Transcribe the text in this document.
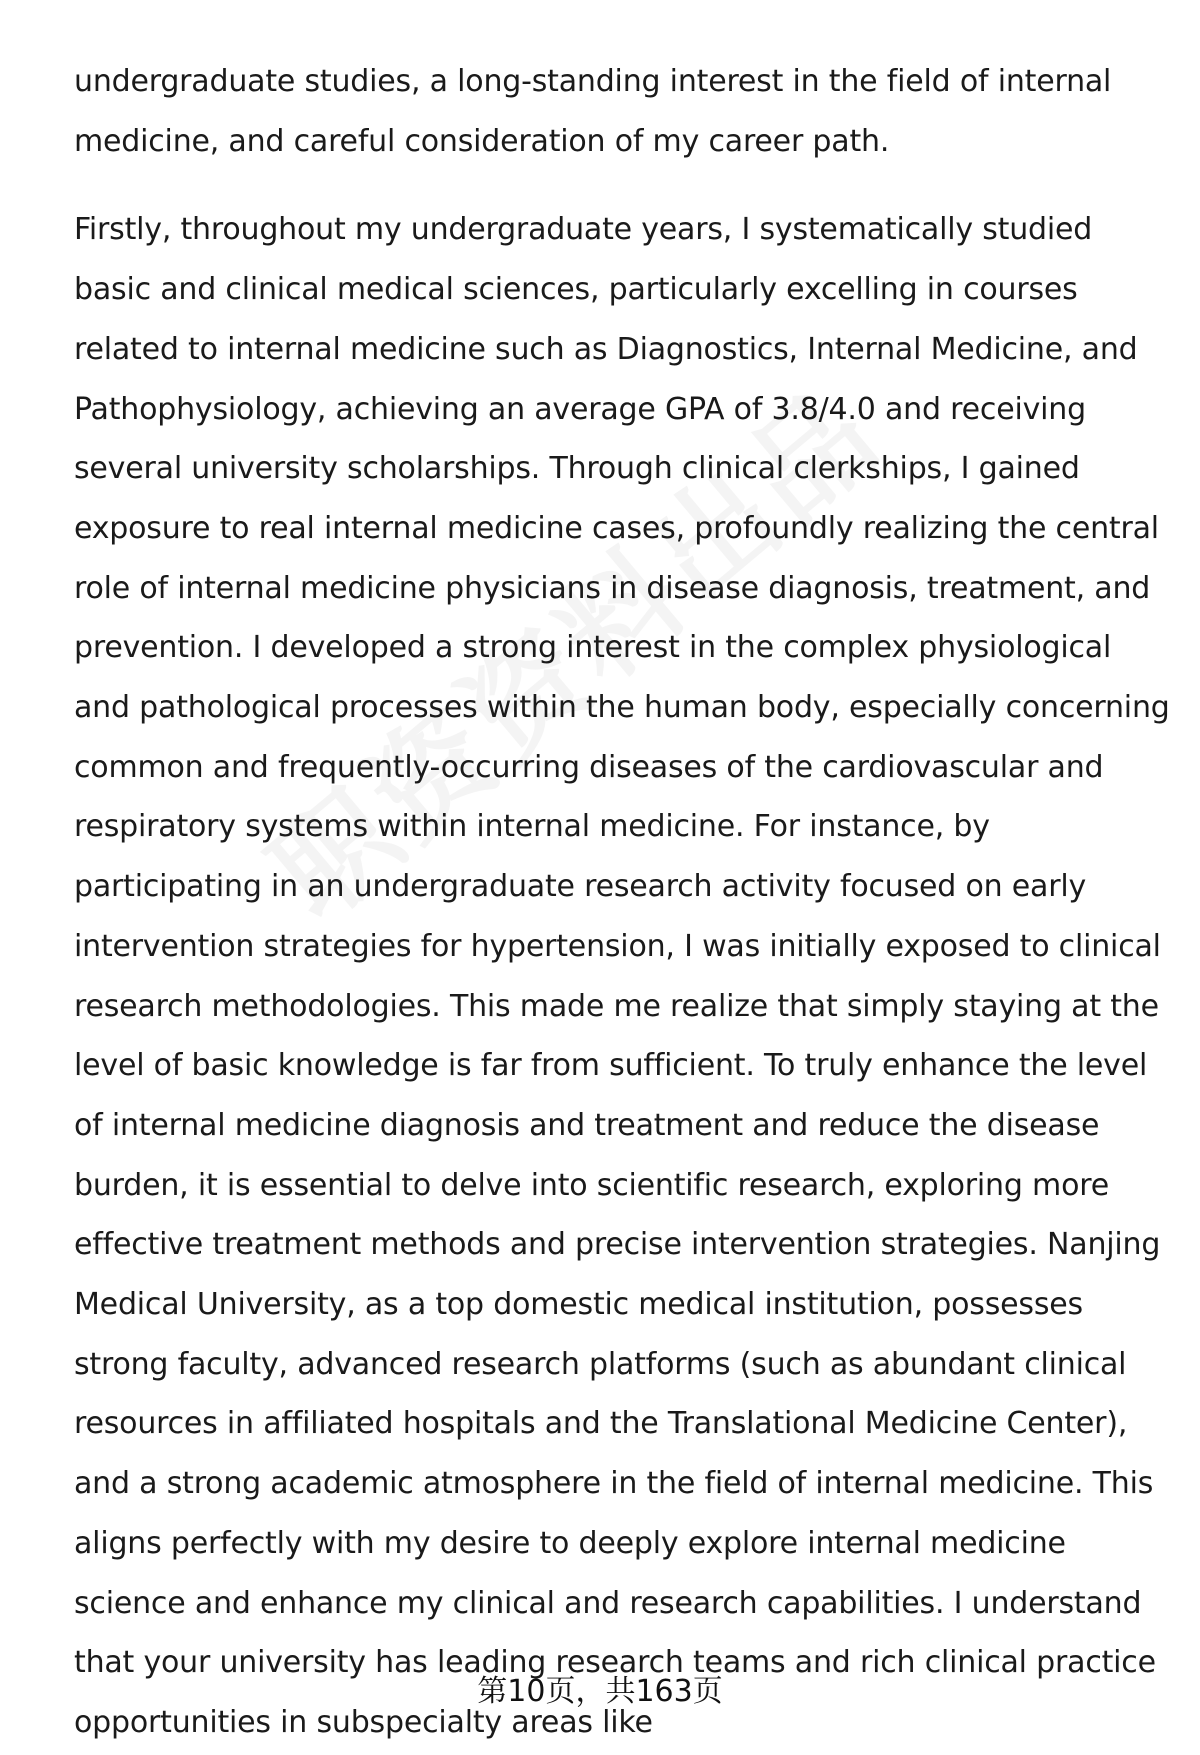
undergraduate studies, a long-standing interest in the field of internal medicine, and careful consideration of my career path.

Firstly, throughout my undergraduate years, I systematically studied basic and clinical medical sciences, particularly excelling in courses related to internal medicine such as Diagnostics, Internal Medicine, and Pathophysiology, achieving an average GPA of 3.8/4.0 and receiving several university scholarships. Through clinical clerkships, I gained exposure to real internal medicine cases, profoundly realizing the central role of internal medicine physicians in disease diagnosis, treatment, and prevention. I developed a strong interest in the complex physiological and pathological processes within the human body, especially concerning common and frequently-occurring diseases of the cardiovascular and respiratory systems within internal medicine. For instance, by participating in an undergraduate research activity focused on early intervention strategies for hypertension, I was initially exposed to clinical research methodologies. This made me realize that simply staying at the level of basic knowledge is far from sufficient. To truly enhance the level of internal medicine diagnosis and treatment and reduce the disease burden, it is essential to delve into scientific research, exploring more effective treatment methods and precise intervention strategies. Nanjing Medical University, as a top domestic medical institution, possesses strong faculty, advanced research platforms (such as abundant clinical resources in affiliated hospitals and the Translational Medicine Center), and a strong academic atmosphere in the field of internal medicine. This aligns perfectly with my desire to deeply explore internal medicine science and enhance my clinical and research capabilities. I understand that your university has leading research teams and rich clinical practice opportunities in subspecialty areas like

第10页，共163页
